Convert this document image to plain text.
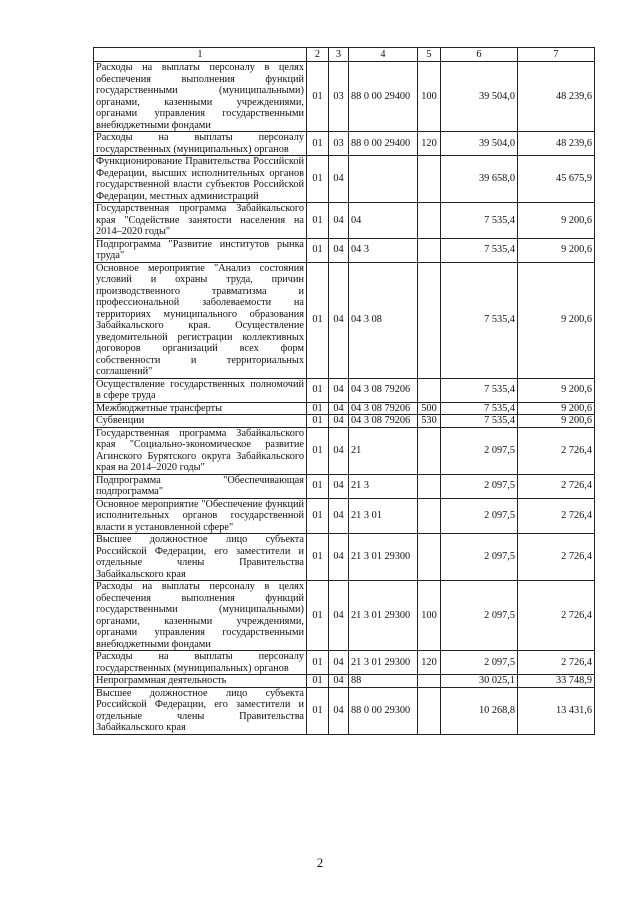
1	2	3	4	5	6	7
Расходы на выплаты персоналу в целях обеспечения выполнения функций государственными (муниципальными) органами, казенными учреждениями, органами управления государственными внебюджетными фондами	01	03	88 0 00 29400	100	39 504,0	48 239,6
Расходы на выплаты персоналу государственных (муниципальных) органов	01	03	88 0 00 29400	120	39 504,0	48 239,6
Функционирование Правительства Российской Федерации, высших исполнительных органов государственной власти субъектов Российской Федерации, местных администраций	01	04			39 658,0	45 675,9
Государственная программа Забайкальского края "Содействие занятости населения на 2014–2020 годы"	01	04	04		7 535,4	9 200,6
Подпрограмма "Развитие институтов рынка труда"	01	04	04 3		7 535,4	9 200,6
Основное мероприятие "Анализ состояния условий и охраны труда, причин производственного травматизма и профессиональной заболеваемости на территориях муниципального образования Забайкальского края. Осуществление уведомительной регистрации коллективных договоров организаций всех форм собственности и территориальных соглашений"	01	04	04 3 08		7 535,4	9 200,6
Осуществление государственных полномочий в сфере труда	01	04	04 3 08 79206		7 535,4	9 200,6
Межбюджетные трансферты	01	04	04 3 08 79206	500	7 535,4	9 200,6
Субвенции	01	04	04 3 08 79206	530	7 535,4	9 200,6
Государственная программа Забайкальского края "Социально-экономическое развитие Агинского Бурятского округа Забайкальского края на 2014–2020 годы"	01	04	21		2 097,5	2 726,4
Подпрограмма "Обеспечивающая подпрограмма"	01	04	21 3		2 097,5	2 726,4
Основное мероприятие "Обеспечение функций исполнительных органов государственной власти в установленной сфере"	01	04	21 3 01		2 097,5	2 726,4
Высшее должностное лицо субъекта Российской Федерации, его заместители и отдельные члены Правительства Забайкальского края	01	04	21 3 01 29300		2 097,5	2 726,4
Расходы на выплаты персоналу в целях обеспечения выполнения функций государственными (муниципальными) органами, казенными учреждениями, органами управления государственными внебюджетными фондами	01	04	21 3 01 29300	100	2 097,5	2 726,4
Расходы на выплаты персоналу государственных (муниципальных) органов	01	04	21 3 01 29300	120	2 097,5	2 726,4
Непрограммная деятельность	01	04	88		30 025,1	33 748,9
Высшее должностное лицо субъекта Российской Федерации, его заместители и отдельные члены Правительства Забайкальского края	01	04	88 0 00 29300		10 268,8	13 431,6
2
